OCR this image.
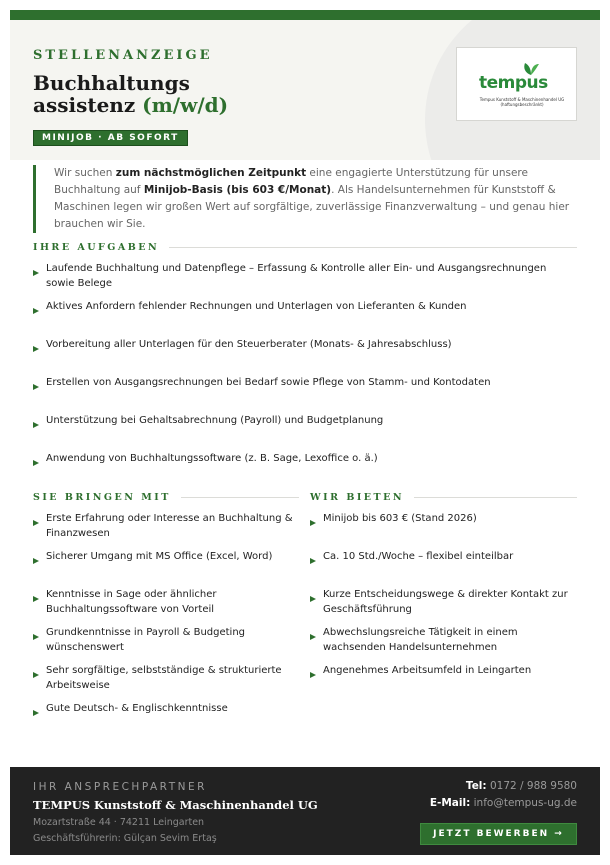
STELLENANZEIGE
Buchhaltungs
assistenz (m/w/d)
MINIJOB · AB SOFORT
tempus
Tempus Kunststoff & Maschinenhandel UG (haftungsbeschränkt)
Wir suchen zum nächstmöglichen Zeitpunkt eine engagierte Unterstützung für unsere Buchhaltung auf Minijob-Basis (bis 603 €/Monat). Als Handelsunternehmen für Kunststoff & Maschinen legen wir großen Wert auf sorgfältige, zuverlässige Finanzverwaltung – und genau hier brauchen wir Sie.
IHRE AUFGABEN
Laufende Buchhaltung und Datenpflege – Erfassung & Kontrolle aller Ein- und Ausgangsrechnungen sowie Belege
Aktives Anfordern fehlender Rechnungen und Unterlagen von Lieferanten & Kunden
Vorbereitung aller Unterlagen für den Steuerberater (Monats- & Jahresabschluss)
Erstellen von Ausgangsrechnungen bei Bedarf sowie Pflege von Stamm- und Kontodaten
Unterstützung bei Gehaltsabrechnung (Payroll) und Budgetplanung
Anwendung von Buchhaltungssoftware (z. B. Sage, Lexoffice o. ä.)
SIE BRINGEN MIT
Erste Erfahrung oder Interesse an Buchhaltung & Finanzwesen
Sicherer Umgang mit MS Office (Excel, Word)
Kenntnisse in Sage oder ähnlicher Buchhaltungssoftware von Vorteil
Grundkenntnisse in Payroll & Budgeting wünschenswert
Sehr sorgfältige, selbstständige & strukturierte Arbeitsweise
Gute Deutsch- & Englischkenntnisse
WIR BIETEN
Minijob bis 603 € (Stand 2026)
Ca. 10 Std./Woche – flexibel einteilbar
Kurze Entscheidungswege & direkter Kontakt zur Geschäftsführung
Abwechslungsreiche Tätigkeit in einem wachsenden Handelsunternehmen
Angenehmes Arbeitsumfeld in Leingarten
IHR ANSPRECHPARTNER
TEMPUS Kunststoff & Maschinenhandel UG
Mozartstraße 44 · 74211 Leingarten
Geschäftsführerin: Gülçan Sevim Ertaş
Tel: 0172 / 988 9580
E-Mail: info@tempus-ug.de
JETZT BEWERBEN →
